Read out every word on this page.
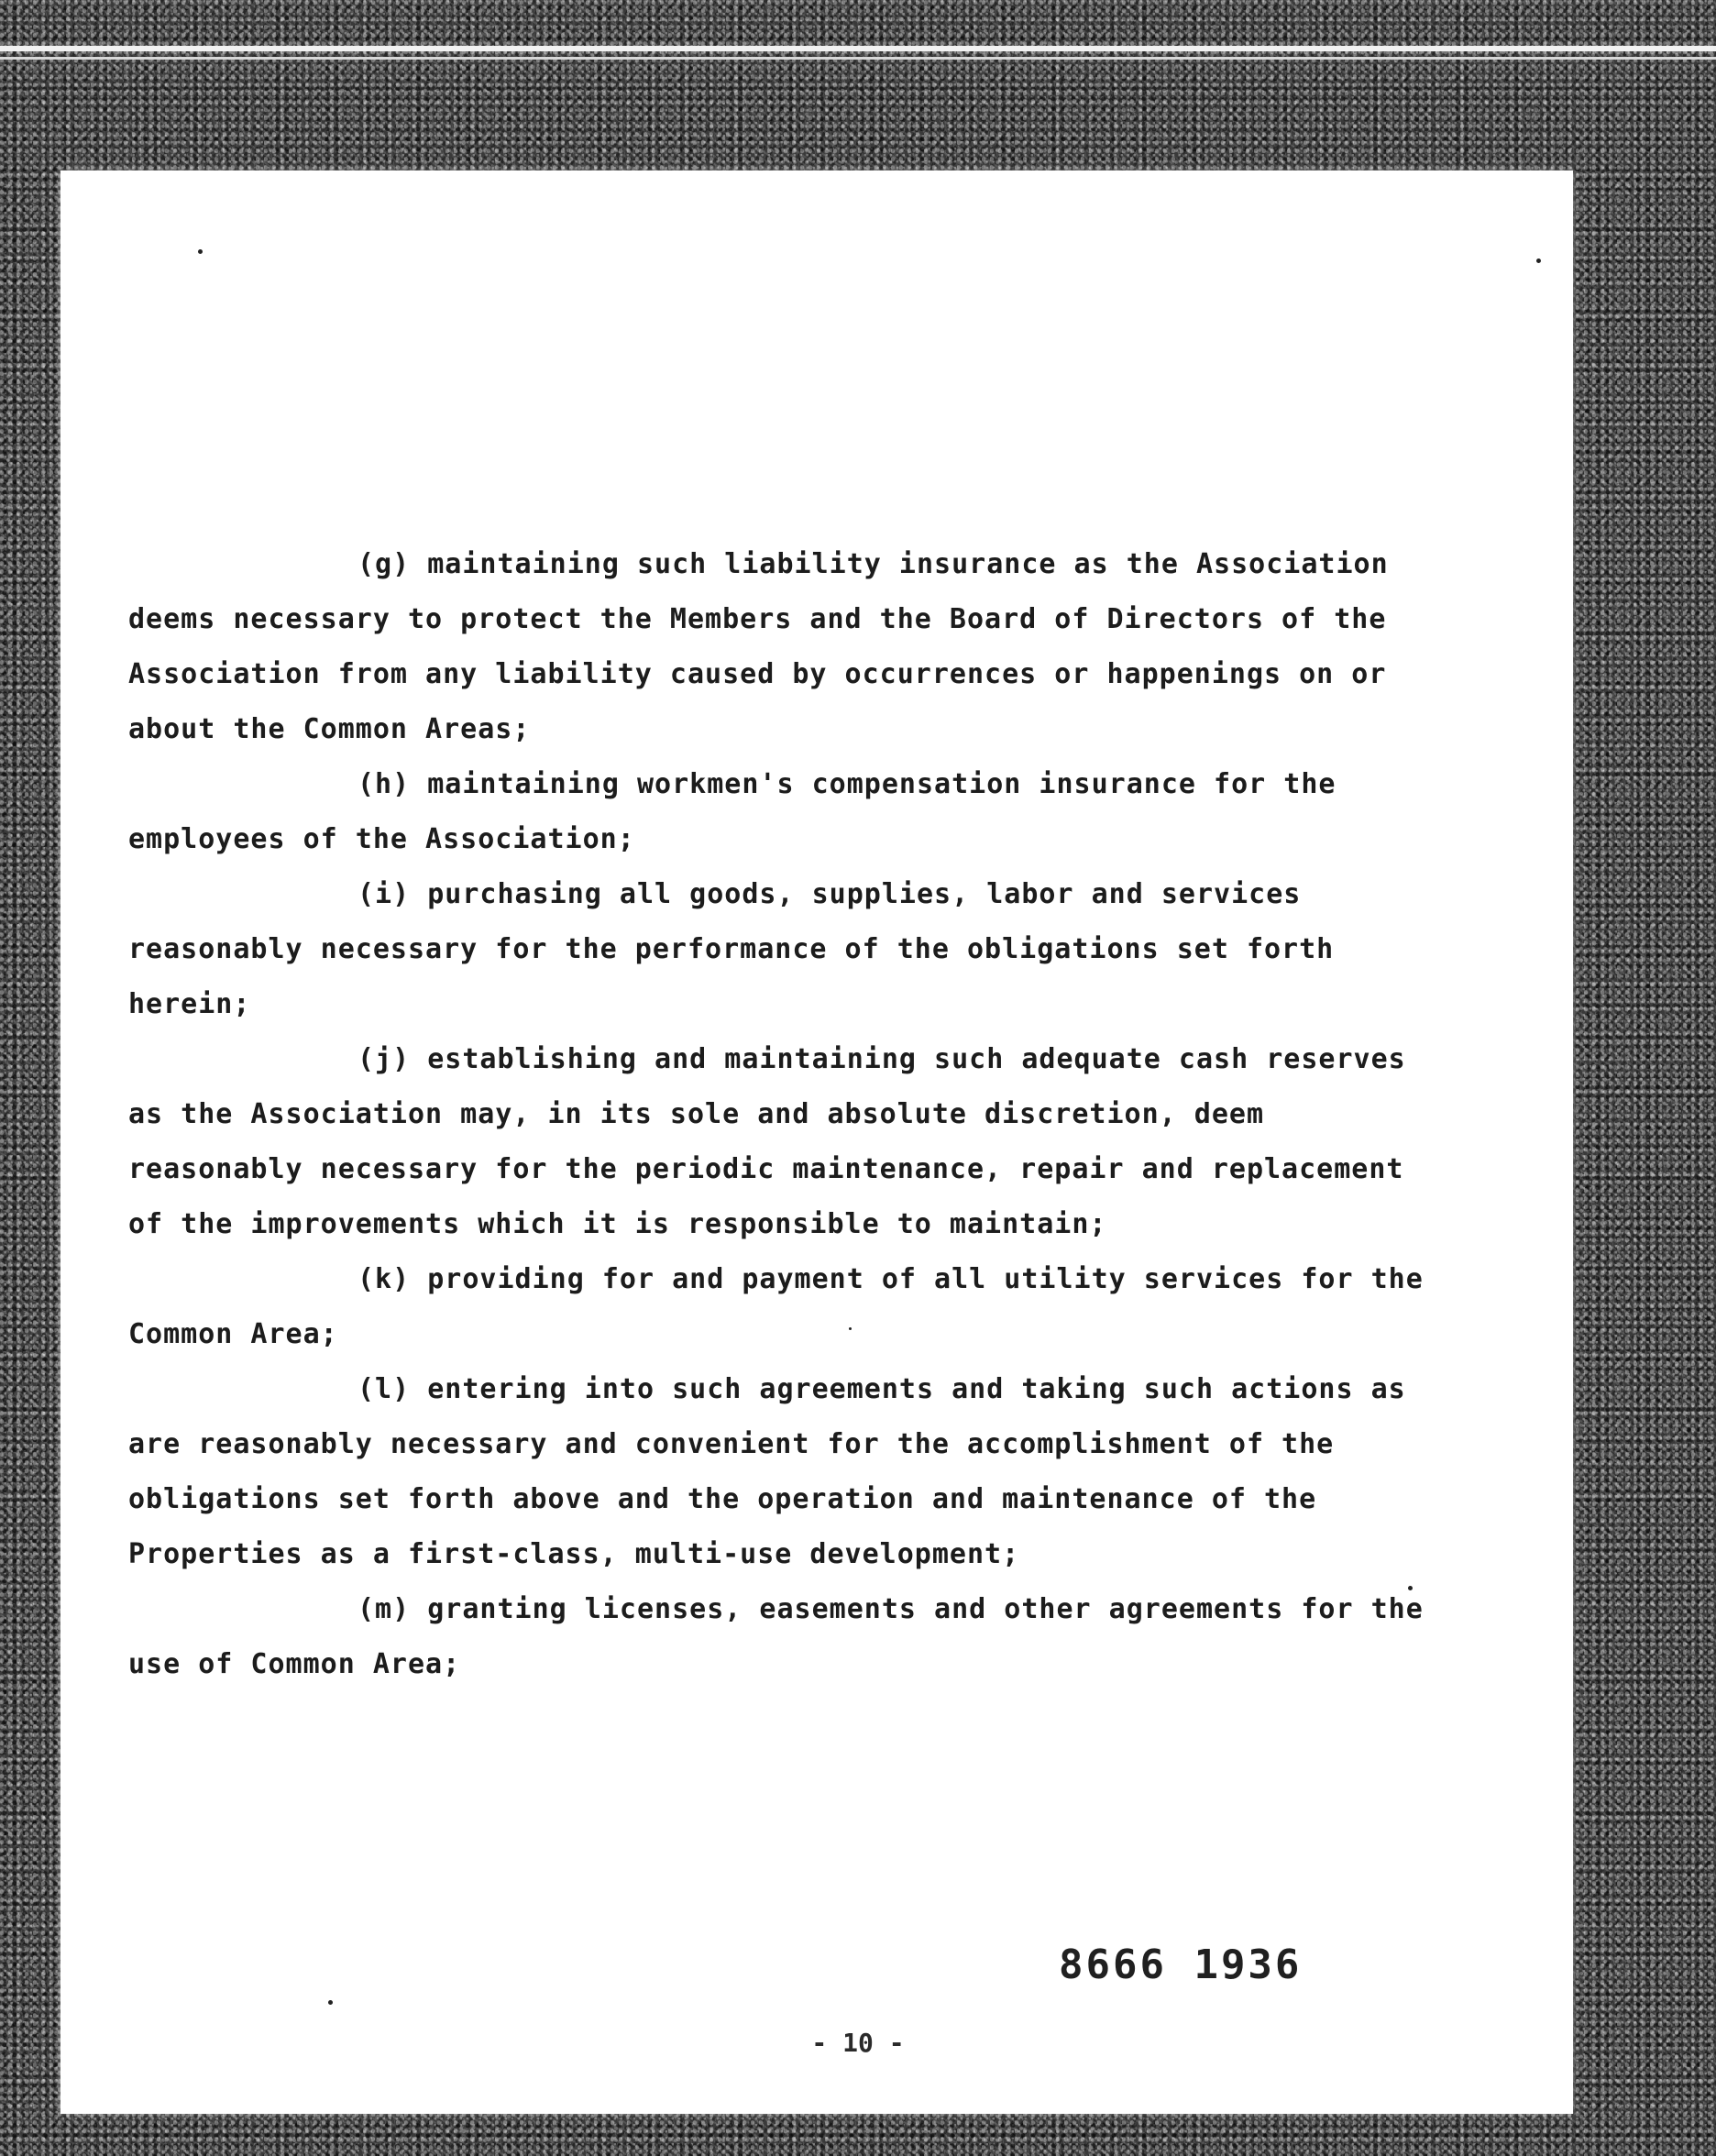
(g) maintaining such liability insurance as the Association deems necessary to protect the Members and the Board of Directors of the Association from any liability caused by occurrences or happenings on or about the Common Areas;

(h) maintaining workmen's compensation insurance for the employees of the Association;

(i) purchasing all goods, supplies, labor and services reasonably necessary for the performance of the obligations set forth herein;

(j) establishing and maintaining such adequate cash reserves as the Association may, in its sole and absolute discretion, deem reasonably necessary for the periodic maintenance, repair and replacement of the improvements which it is responsible to maintain;

(k) providing for and payment of all utility services for the Common Area;

(l) entering into such agreements and taking such actions as are reasonably necessary and convenient for the accomplishment of the obligations set forth above and the operation and maintenance of the Properties as a first-class, multi-use development;

(m) granting licenses, easements and other agreements for the use of Common Area;

8666 1936
- 10 -
